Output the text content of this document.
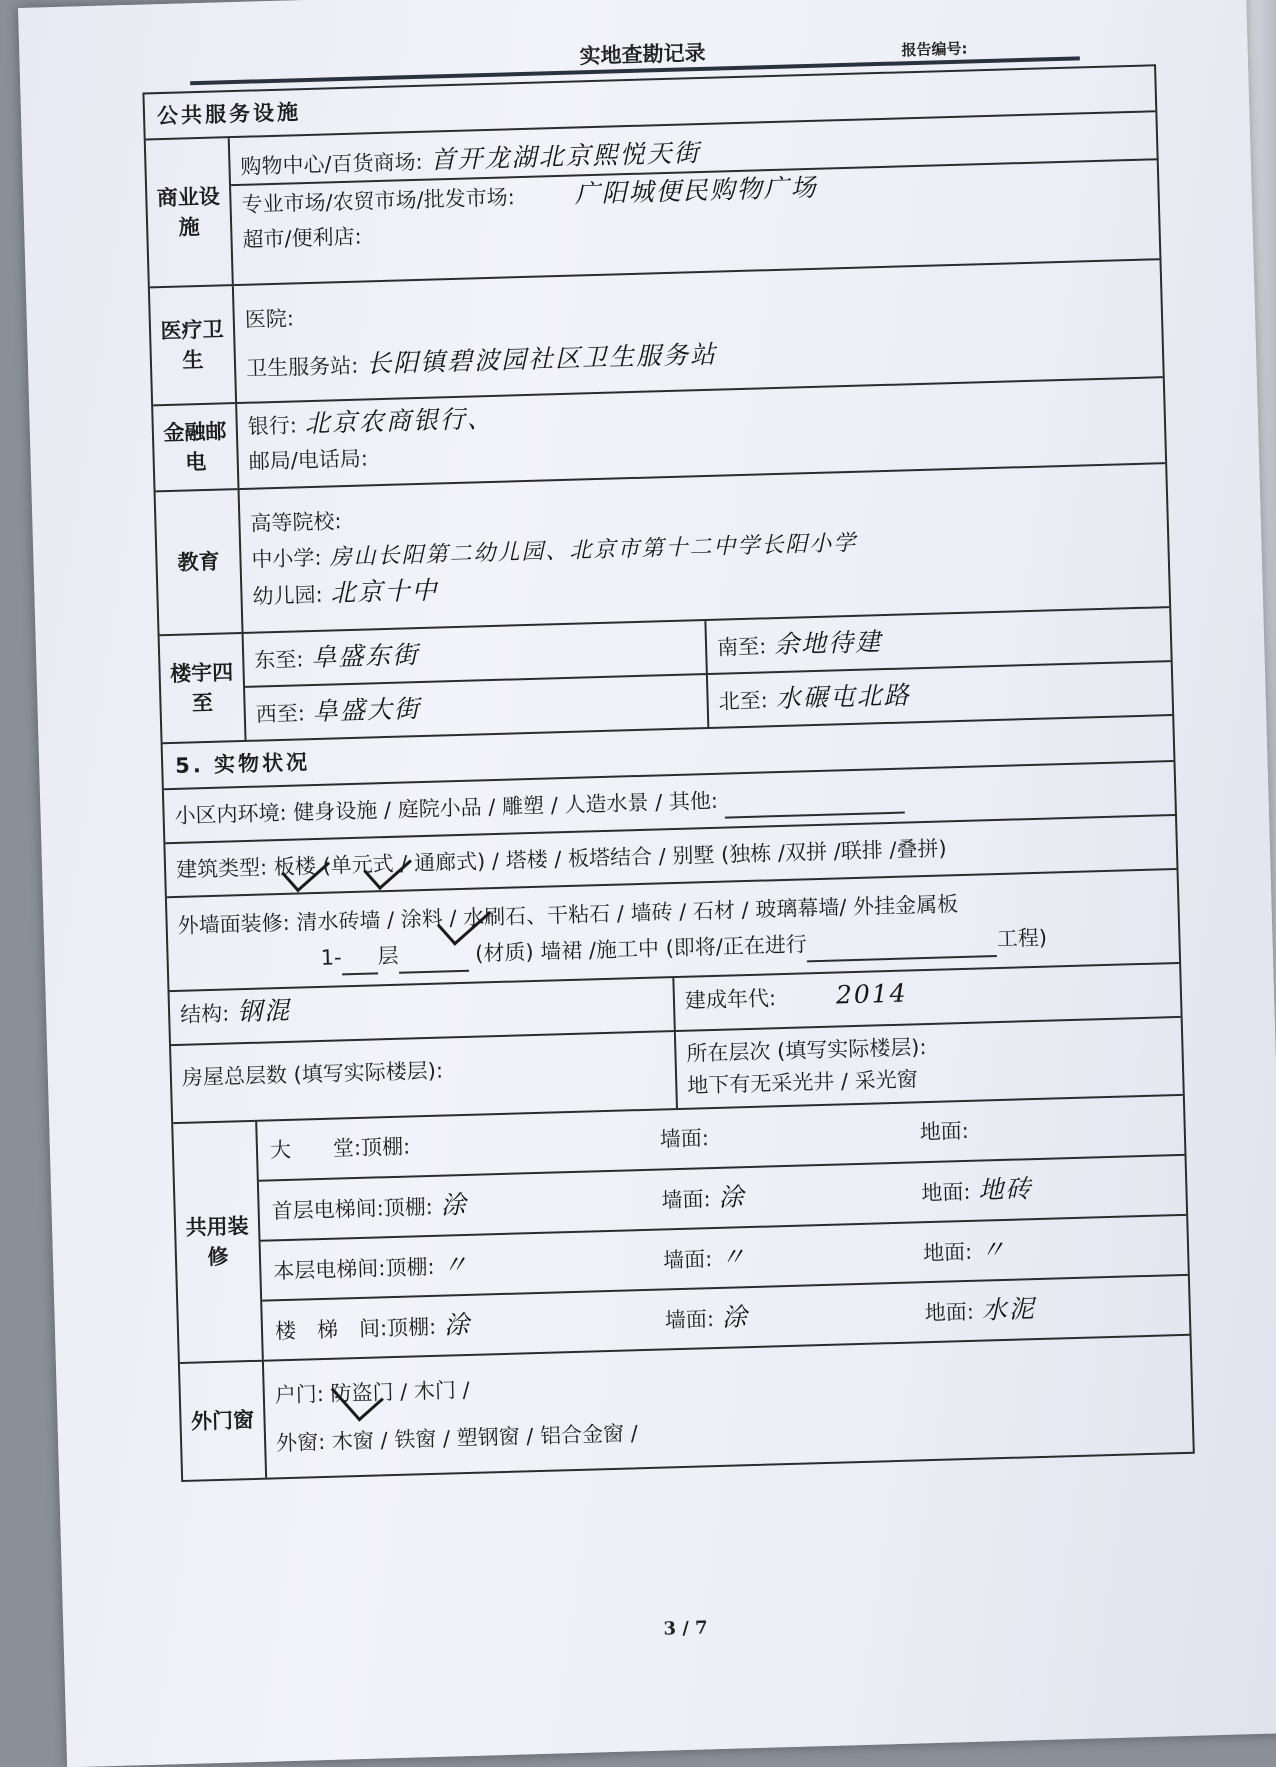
实地查勘记录	报告编号:
公共服务设施
商业设施
购物中心/百货商场: 首开龙湖北京熙悦天街
专业市场/农贸市场/批发市场: 广阳城便民购物广场
超市/便利店:
医疗卫生
医院:
卫生服务站: 长阳镇碧波园社区卫生服务站
金融邮电
银行: 北京农商银行、
邮局/电话局:
教育
高等院校:
中小学: 房山长阳第二幼儿园、北京市第十二中学长阳小学
幼儿园: 北京十中
楼宇四至
东至: 阜盛东街	南至: 余地待建
西至: 阜盛大街	北至: 水碾屯北路
5. 实物状况
小区内环境: 健身设施 / 庭院小品 / 雕塑 / 人造水景 / 其他:
建筑类型: 板楼 (单元式 / 通廊式) / 塔楼 / 板塔结合 / 别墅 (独栋 /双拼 /联排 /叠拼)
外墙面装修: 清水砖墙 / 涂料 / 水刷石、干粘石 / 墙砖 / 石材 / 玻璃幕墙/ 外挂金属板
1- 层	(材质) 墙裙 /施工中 (即将/正在进行	工程)
结构: 钢混	建成年代: 2014
房屋总层数 (填写实际楼层):
所在层次 (填写实际楼层):
地下有无采光井 / 采光窗
共用装修
大　　堂:顶棚:	墙面:	地面:
首层电梯间:顶棚: 涂	墙面: 涂	地面: 地砖
本层电梯间:顶棚: 〃	墙面: 〃	地面: 〃
楼　梯　间:顶棚: 涂	墙面: 涂	地面: 水泥
外门窗
户门: 防盗门 / 木门 /
外窗: 木窗 / 铁窗 / 塑钢窗 / 铝合金窗 /
3 / 7
